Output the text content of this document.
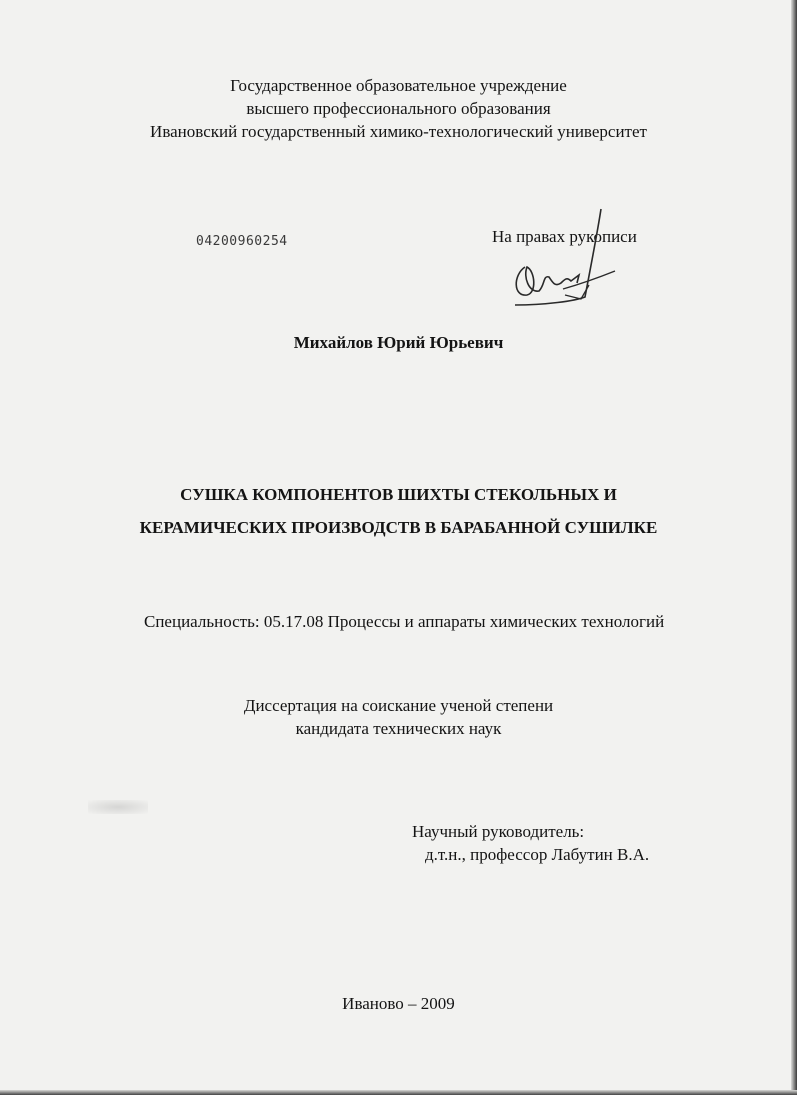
Государственное образовательное учреждение
высшего профессионального образования
Ивановский государственный химико-технологический университет
04200960254	На правах рукописи
Михайлов Юрий Юрьевич
СУШКА КОМПОНЕНТОВ ШИХТЫ СТЕКОЛЬНЫХ И
КЕРАМИЧЕСКИХ ПРОИЗВОДСТВ В БАРАБАННОЙ СУШИЛКЕ
Специальность: 05.17.08 Процессы и аппараты химических технологий
Диссертация на соискание ученой степени
кандидата технических наук
Научный руководитель:
д.т.н., профессор Лабутин В.А.
Иваново – 2009
